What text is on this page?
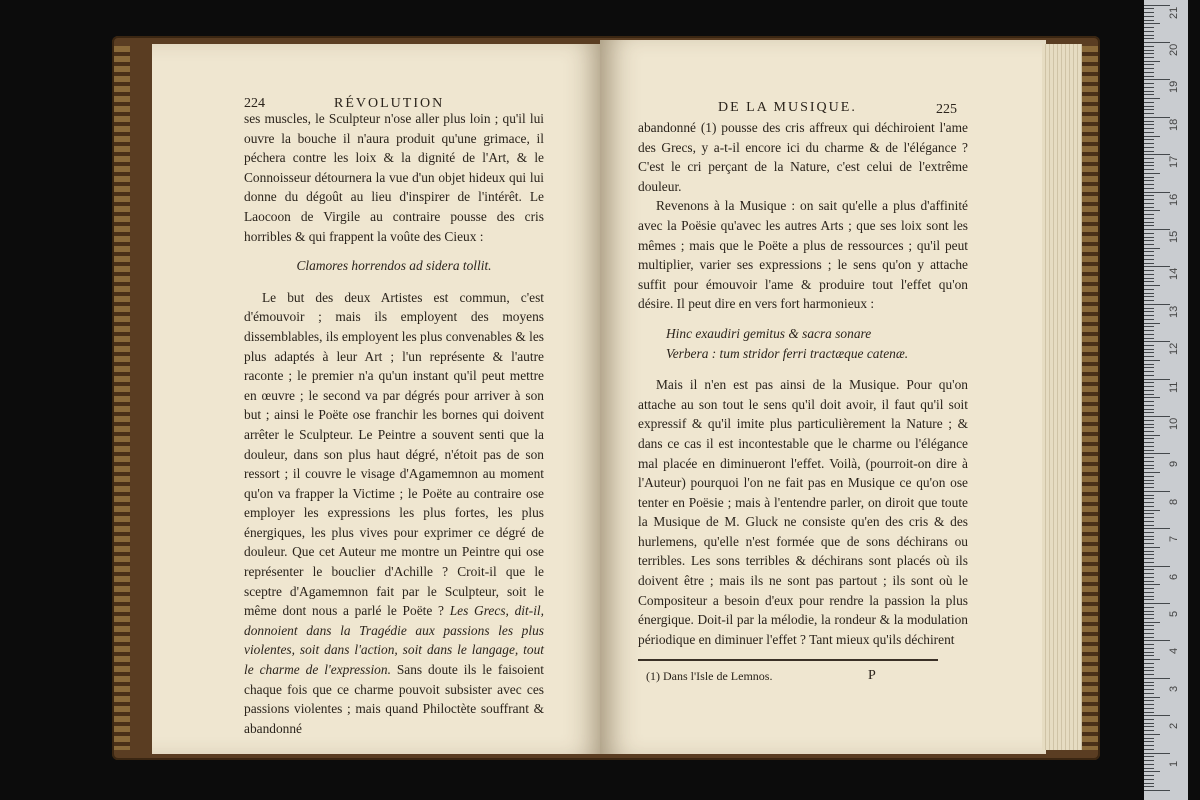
224	RÉVOLUTION

ses muscles, le Sculpteur n'ose aller plus loin ; qu'il lui ouvre la bouche il n'aura produit qu'une grimace, il péchera contre les loix & la dignité de l'Art, & le Connoisseur détournera la vue d'un objet hideux qui lui donne du dégoût au lieu d'inspirer de l'intérêt. Le Laocoon de Virgile au contraire pousse des cris horribles & qui frappent la voûte des Cieux :

Clamores horrendos ad sidera tollit.

Le but des deux Artistes est commun, c'est d'émouvoir ; mais ils employent des moyens dissemblables, ils employent les plus convenables & les plus adaptés à leur Art ; l'un représente & l'autre raconte ; le premier n'a qu'un instant qu'il peut mettre en œuvre ; le second va par dégrés pour arriver à son but ; ainsi le Poëte ose franchir les bornes qui doivent arrêter le Sculpteur. Le Peintre a souvent senti que la douleur, dans son plus haut dégré, n'étoit pas de son ressort ; il couvre le visage d'Agamemnon au moment qu'on va frapper la Victime ; le Poëte au contraire ose employer les expressions les plus fortes, les plus énergiques, les plus vives pour exprimer ce dégré de douleur. Que cet Auteur me montre un Peintre qui ose représenter le bouclier d'Achille ? Croit-il que le sceptre d'Agamemnon fait par le Sculpteur, soit le même dont nous a parlé le Poëte ? Les Grecs, dit-il, donnoient dans la Tragédie aux passions les plus violentes, soit dans l'action, soit dans le langage, tout le charme de l'expression. Sans doute ils le faisoient chaque fois que ce charme pouvoit subsister avec ces passions violentes ; mais quand Philoctète souffrant & abandonné

DE LA MUSIQUE.	225

abandonné (1) pousse des cris affreux qui déchiroient l'ame des Grecs, y a-t-il encore ici du charme & de l'élégance ? C'est le cri perçant de la Nature, c'est celui de l'extrême douleur.

Revenons à la Musique : on sait qu'elle a plus d'affinité avec la Poësie qu'avec les autres Arts ; que ses loix sont les mêmes ; mais que le Poëte a plus de ressources ; qu'il peut multiplier, varier ses expressions ; le sens qu'on y attache suffit pour émouvoir l'ame & produire tout l'effet qu'on désire. Il peut dire en vers fort harmonieux :

Hinc exaudiri gemitus & sacra sonare
Verbera : tum stridor ferri tractæque catenæ.

Mais il n'en est pas ainsi de la Musique. Pour qu'on attache au son tout le sens qu'il doit avoir, il faut qu'il soit expressif & qu'il imite plus particulièrement la Nature ; & dans ce cas il est incontestable que le charme ou l'élégance mal placée en diminueront l'effet. Voilà, (pourroit-on dire à l'Auteur) pourquoi l'on ne fait pas en Musique ce qu'on ose tenter en Poësie ; mais à l'entendre parler, on diroit que toute la Musique de M. Gluck ne consiste qu'en des cris & des hurlemens, qu'elle n'est formée que de sons déchirans ou terribles. Les sons terribles & déchirans sont placés où ils doivent être ; mais ils ne sont pas partout ; ils sont où le Compositeur a besoin d'eux pour rendre la passion la plus énergique. Doit-il par la mélodie, la rondeur & la modulation périodique en diminuer l'effet ? Tant mieux qu'ils déchirent

(1) Dans l'Isle de Lemnos.	P
1
2
3
4
5
6
7
8
9
10
11
12
13
14
15
16
17
18
19
20
21
